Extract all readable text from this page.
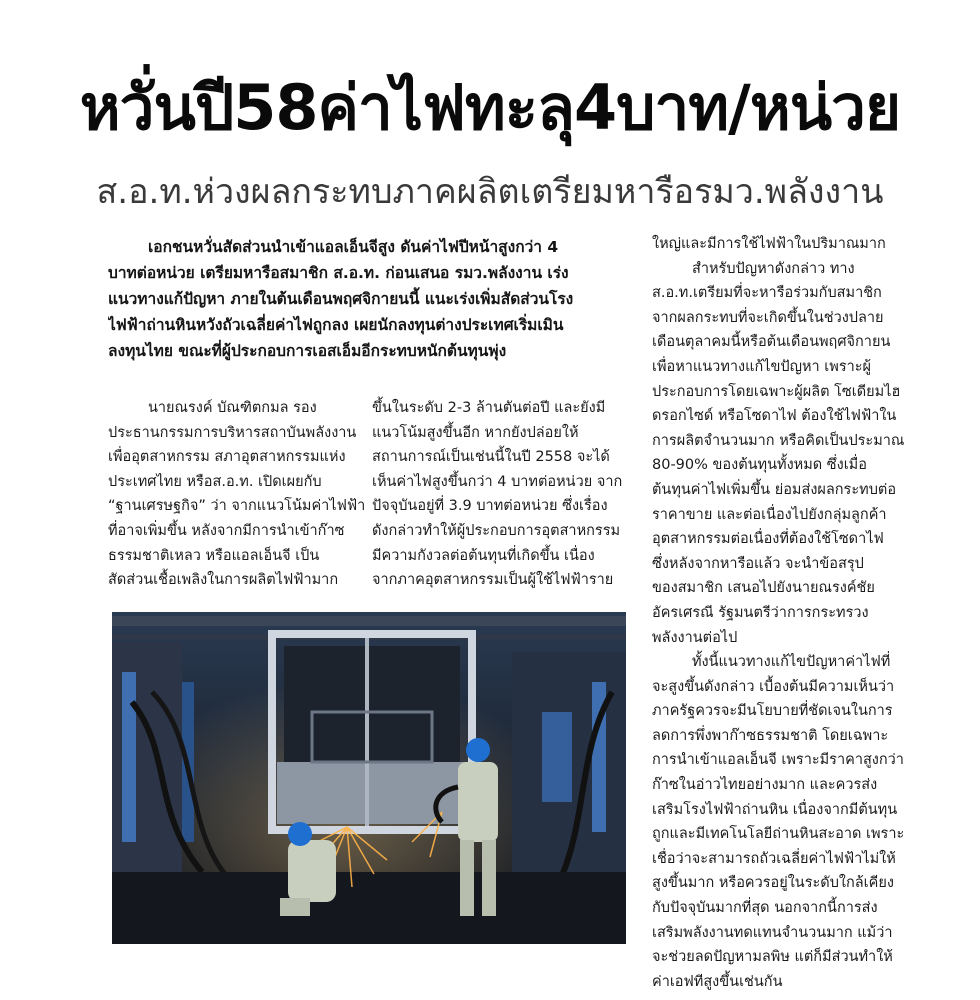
หวั่นปี58ค่าไฟทะลุ4บาท/หน่วย
ส.อ.ท.ห่วงผลกระทบภาคผลิตเตรียมหารือรมว.พลังงาน
เอกชนหวั่นสัดส่วนนำเข้าแอลเอ็นจีสูง ดันค่าไฟปีหน้าสูงกว่า 4
บาทต่อหน่วย เตรียมหารือสมาชิก ส.อ.ท. ก่อนเสนอ รมว.พลังงาน เร่ง
แนวทางแก้ปัญหา ภายในต้นเดือนพฤศจิกายนนี้ แนะเร่งเพิ่มสัดส่วนโรง
ไฟฟ้าถ่านหินหวังถัวเฉลี่ยค่าไฟถูกลง เผยนักลงทุนต่างประเทศเริ่มเมิน
ลงทุนไทย ขณะที่ผู้ประกอบการเอสเอ็มอีกระทบหนักต้นทุนพุ่ง
นายณรงค์ บัณฑิตกมล รอง
ประธานกรรมการบริหารสถาบันพลังงาน
เพื่ออุตสาหกรรม สภาอุตสาหกรรมแห่ง
ประเทศไทย หรือส.อ.ท. เปิดเผยกับ
“ฐานเศรษฐกิจ” ว่า จากแนวโน้มค่าไฟฟ้า
ที่อาจเพิ่มขึ้น หลังจากมีการนำเข้าก๊าซ
ธรรมชาติเหลว หรือแอลเอ็นจี เป็น
สัดส่วนเชื้อเพลิงในการผลิตไฟฟ้ามาก
ขึ้นในระดับ 2-3 ล้านตันต่อปี และยังมี
แนวโน้มสูงขึ้นอีก หากยังปล่อยให้
สถานการณ์เป็นเช่นนี้ในปี 2558 จะได้
เห็นค่าไฟสูงขึ้นกว่า 4 บาทต่อหน่วย จาก
ปัจจุบันอยู่ที่ 3.9 บาทต่อหน่วย ซึ่งเรื่อง
ดังกล่าวทำให้ผู้ประกอบการอุตสาหกรรม
มีความกังวลต่อต้นทุนที่เกิดขึ้น เนื่อง
จากภาคอุตสาหกรรมเป็นผู้ใช้ไฟฟ้าราย
ใหญ่และมีการใช้ไฟฟ้าในปริมาณมาก
สำหรับปัญหาดังกล่าว ทาง
ส.อ.ท.เตรียมที่จะหารือร่วมกับสมาชิก
จากผลกระทบที่จะเกิดขึ้นในช่วงปลาย
เดือนตุลาคมนี้หรือต้นเดือนพฤศจิกายน
เพื่อหาแนวทางแก้ไขปัญหา เพราะผู้
ประกอบการโดยเฉพาะผู้ผลิต โซเดียมไฮ
ดรอกไซด์ หรือโซดาไฟ ต้องใช้ไฟฟ้าใน
การผลิตจำนวนมาก หรือคิดเป็นประมาณ
80-90% ของต้นทุนทั้งหมด ซึ่งเมื่อ
ต้นทุนค่าไฟเพิ่มขึ้น ย่อมส่งผลกระทบต่อ
ราคาขาย และต่อเนื่องไปยังกลุ่มลูกค้า
อุตสาหกรรมต่อเนื่องที่ต้องใช้โซดาไฟ
ซึ่งหลังจากหารือแล้ว จะนำข้อสรุป
ของสมาชิก เสนอไปยังนายณรงค์ชัย
อัครเศรณี รัฐมนตรีว่าการกระทรวง
พลังงานต่อไป
ทั้งนี้แนวทางแก้ไขปัญหาค่าไฟที่
จะสูงขึ้นดังกล่าว เบื้องต้นมีความเห็นว่า
ภาครัฐควรจะมีนโยบายที่ชัดเจนในการ
ลดการพึ่งพาก๊าซธรรมชาติ โดยเฉพาะ
การนำเข้าแอลเอ็นจี เพราะมีราคาสูงกว่า
ก๊าซในอ่าวไทยอย่างมาก และควรส่ง
เสริมโรงไฟฟ้าถ่านหิน เนื่องจากมีต้นทุน
ถูกและมีเทคโนโลยีถ่านหินสะอาด เพราะ
เชื่อว่าจะสามารถถัวเฉลี่ยค่าไฟฟ้าไม่ให้
สูงขึ้นมาก หรือควรอยู่ในระดับใกล้เคียง
กับปัจจุบันมากที่สุด นอกจากนี้การส่ง
เสริมพลังงานทดแทนจำนวนมาก แม้ว่า
จะช่วยลดปัญหามลพิษ แต่ก็มีส่วนทำให้
ค่าเอฟทีสูงขึ้นเช่นกัน
